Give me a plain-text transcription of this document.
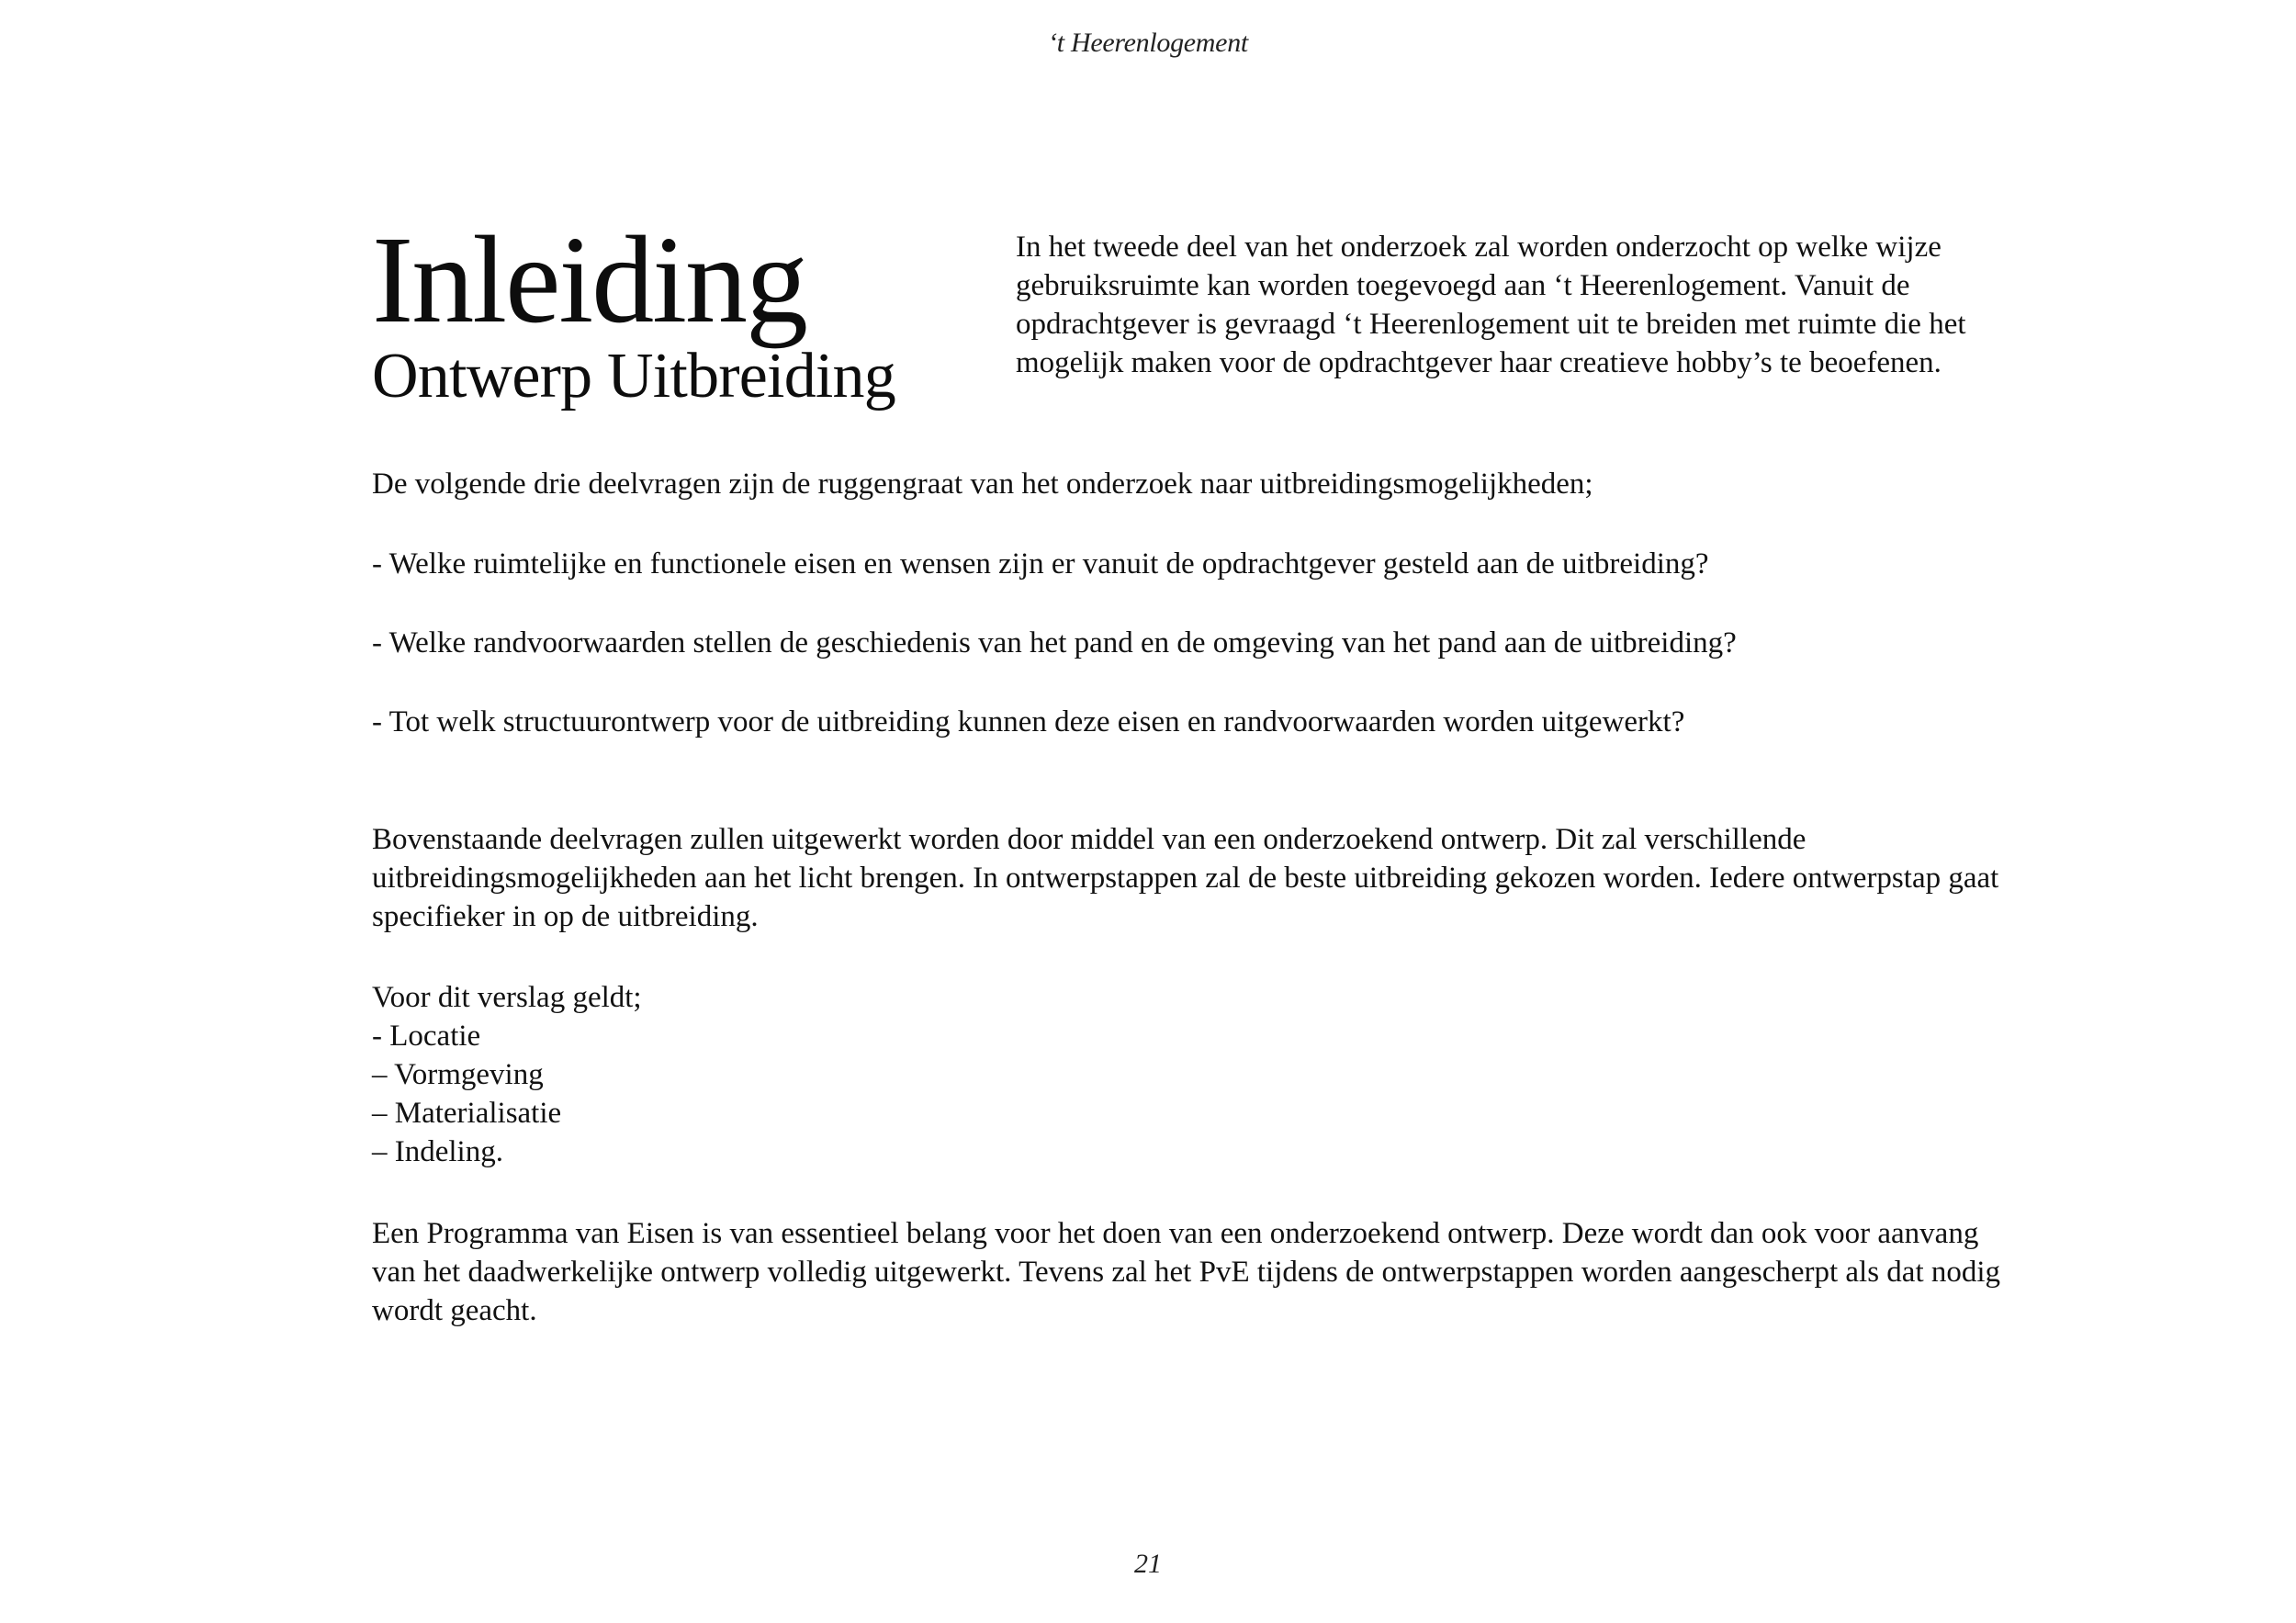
‘t Heerenlogement
Inleiding
Ontwerp Uitbreiding

In het tweede deel van het onderzoek zal worden onderzocht op welke wijze gebruiksruimte kan worden toegevoegd aan ‘t Heerenlogement. Vanuit de opdrachtgever is gevraagd ‘t Heerenlogement uit te breiden met ruimte die het mogelijk maken voor de opdrachtgever haar creatieve hobby’s te beoefenen.

De volgende drie deelvragen zijn de ruggengraat van het onderzoek naar uitbreidingsmogelijkheden;

- Welke ruimtelijke en functionele eisen en wensen zijn er vanuit de opdrachtgever gesteld aan de uitbreiding?

- Welke randvoorwaarden stellen de geschiedenis van het pand en de omgeving van het pand aan de uitbreiding?

- Tot welk structuurontwerp voor de uitbreiding kunnen deze eisen en randvoorwaarden worden uitgewerkt?

Bovenstaande deelvragen zullen uitgewerkt worden door middel van een onderzoekend ontwerp. Dit zal verschillende uitbreidingsmogelijkheden aan het licht brengen. In ontwerpstappen zal de beste uitbreiding gekozen worden. Iedere ontwerpstap gaat specifieker in op de uitbreiding.

Voor dit verslag geldt;
- Locatie
– Vormgeving
– Materialisatie
– Indeling.

Een Programma van Eisen is van essentieel belang voor het doen van een onderzoekend ontwerp. Deze wordt dan ook voor aanvang van het daadwerkelijke ontwerp volledig uitgewerkt. Tevens zal het PvE tijdens de ontwerpstappen worden aangescherpt als dat nodig wordt geacht.

21
